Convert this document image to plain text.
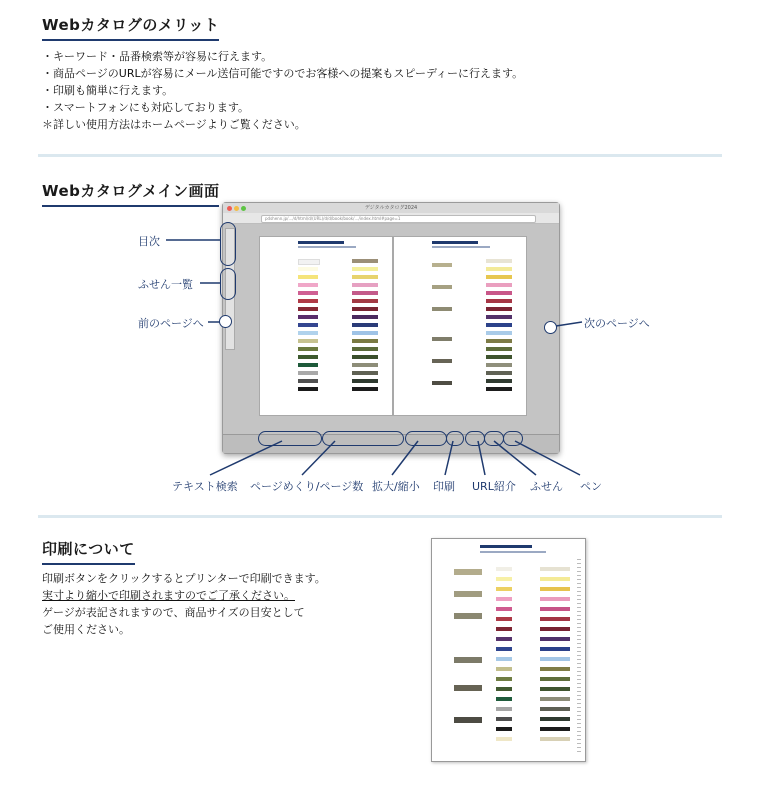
Webカタログのメリット
・キーワード・品番検索等が容易に行えます。
・商品ページのURLが容易にメール送信可能ですのでお客様への提案もスピーディーに行えます。
・印刷も簡単に行えます。
・スマートフォンにも対応しております。
＊詳しい使用方法はホームページよりご覧ください。
Webカタログメイン画面
デジタルカタログ2024
pdshenn.jp/…/d/html/d/(URL)/d/d/book/book/…/index.html#page=1
目次
ふせん一覧
前のページへ	次のページへ
テキスト検索 ページめくり/ページ数 拡大/縮小 印刷 URL紹介 ふせん ペン
印刷について
印刷ボタンをクリックするとプリンターで印刷できます。
実寸より縮小で印刷されますのでご了承ください。
ゲージが表記されますので、商品サイズの目安として
ご使用ください。
